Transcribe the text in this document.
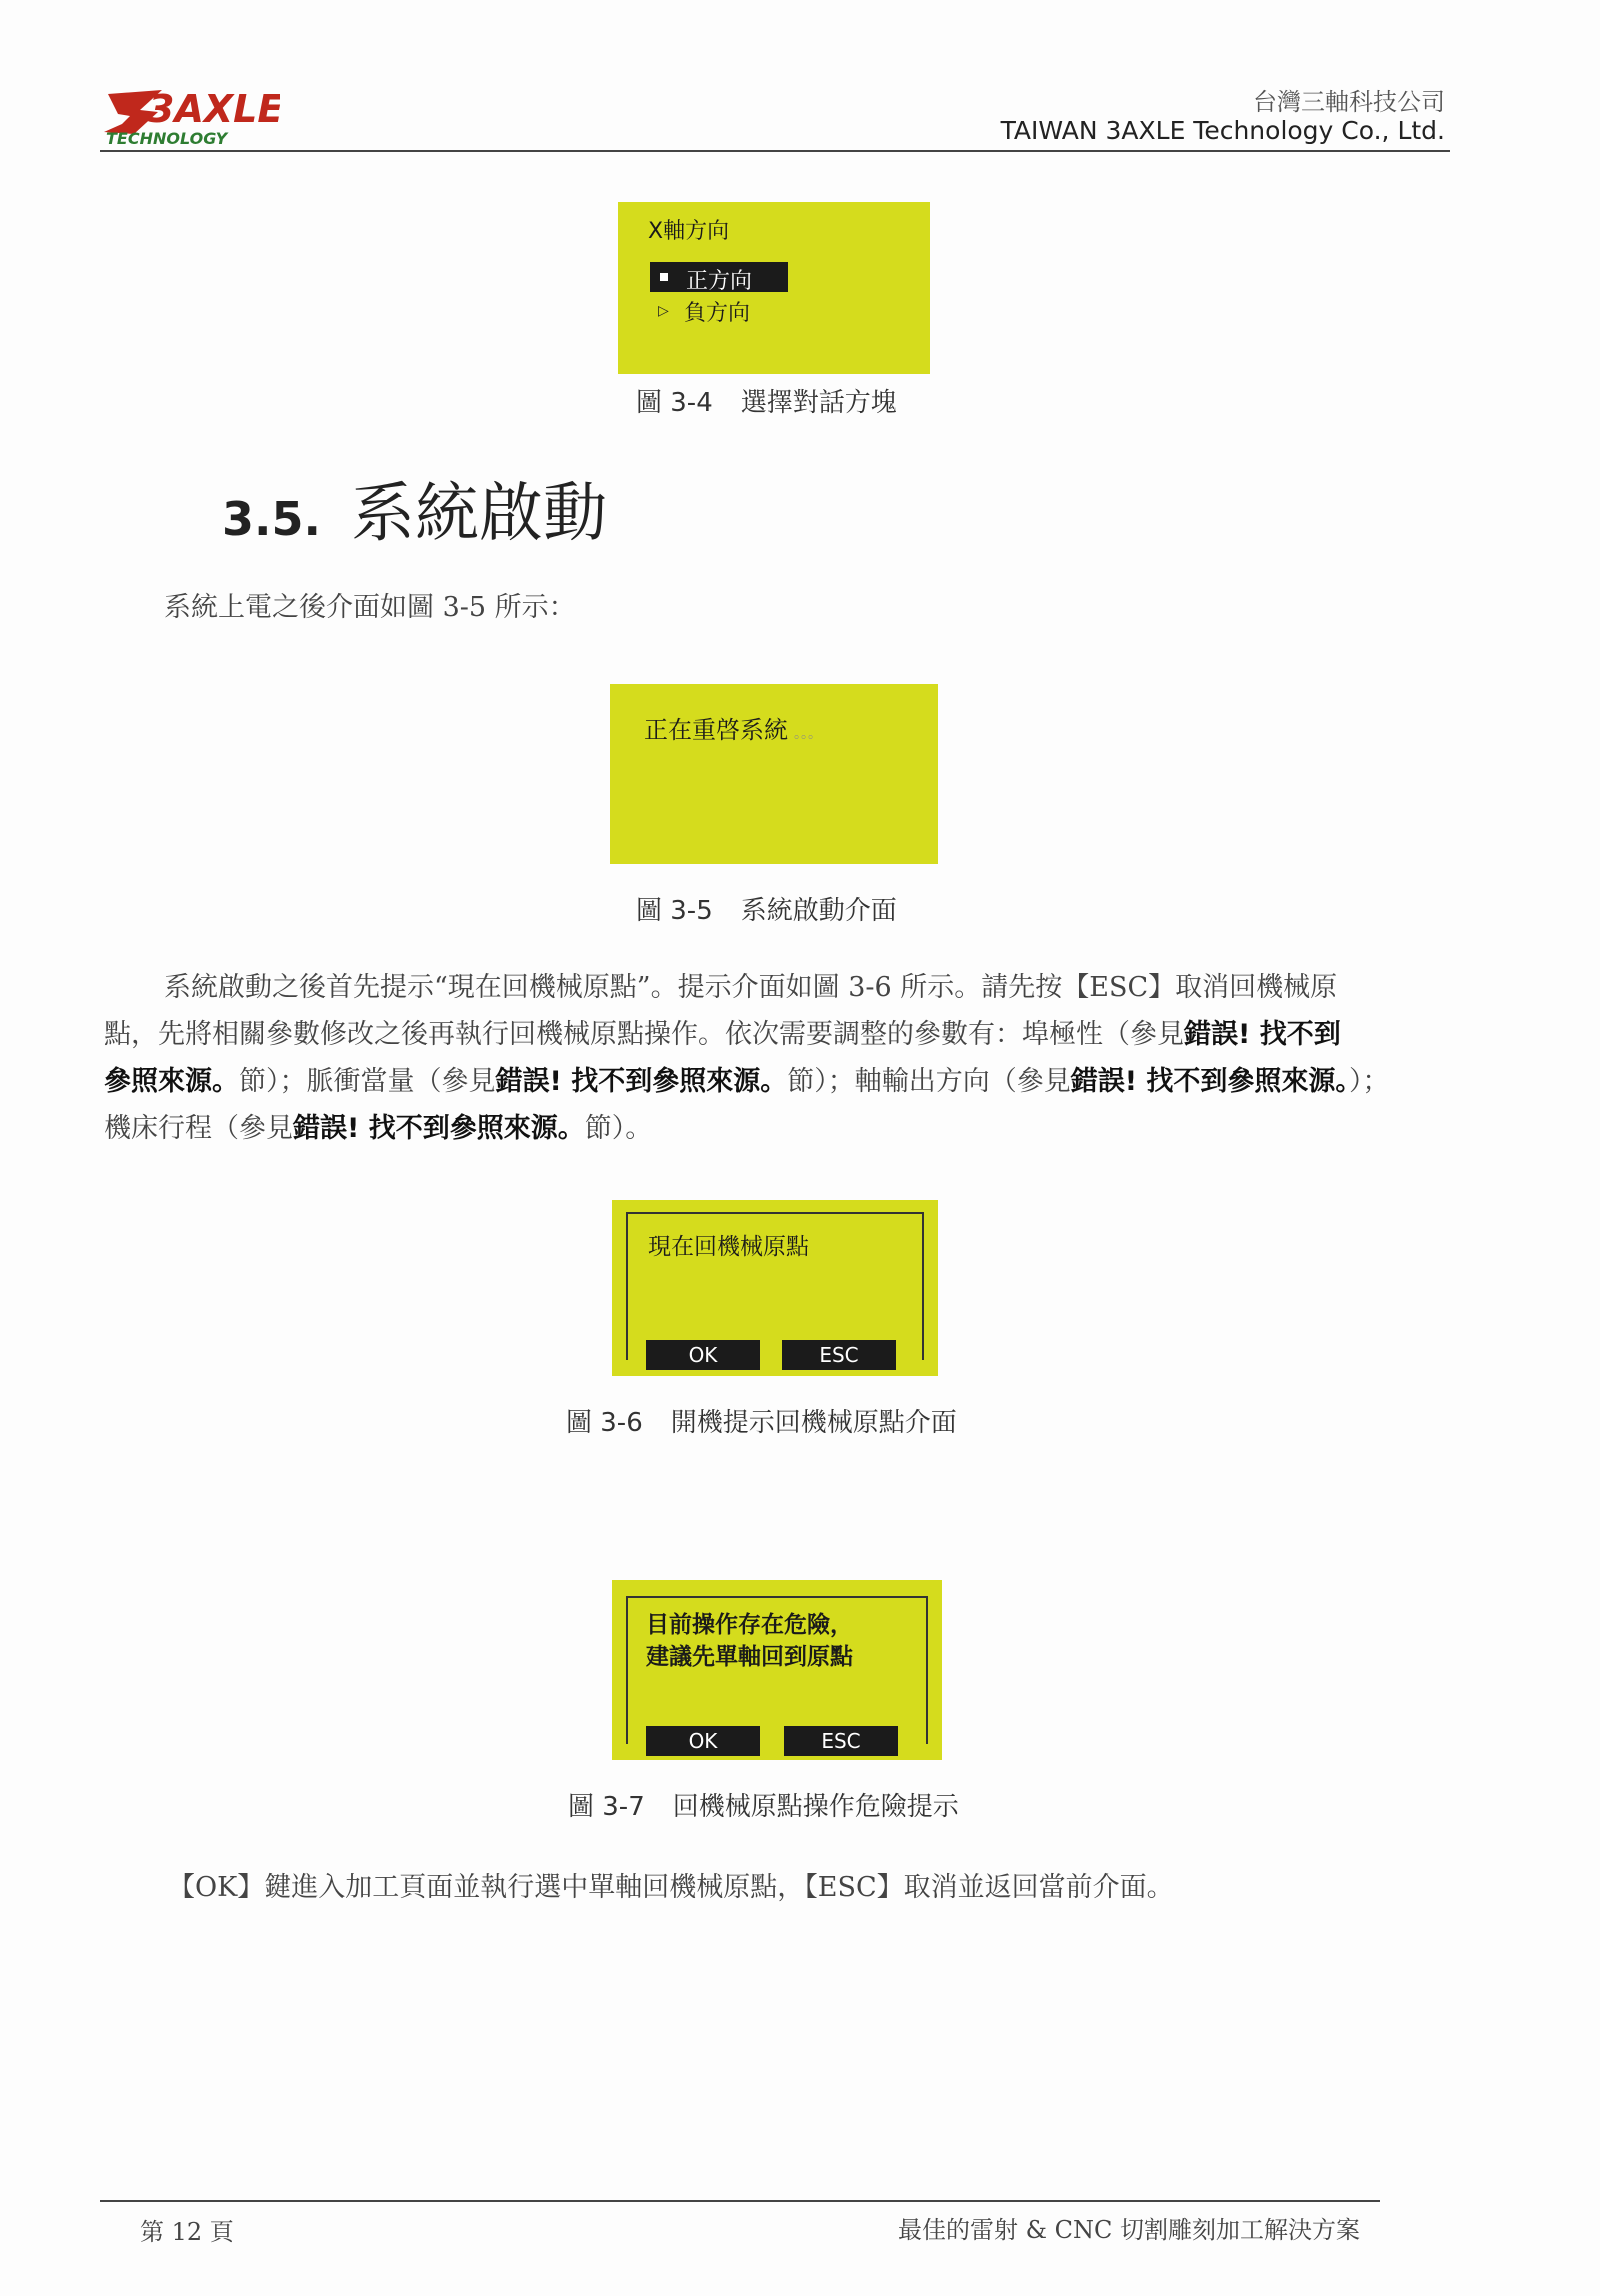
3AXLE
TECHNOLOGY
台灣三軸科技公司
TAIWAN 3AXLE Technology Co., Ltd.
X軸方向
正方向
▷ 負方向
圖 3-4 選擇對話方塊
3.5. 系統啟動
系統上電之後介面如圖 3-5 所示：
正在重啓系統 。。。
圖 3-5 系統啟動介面
系統啟動之後首先提示“現在回機械原點”。提示介面如圖 3-6 所示。請先按【ESC】取消回機械原
點，先將相關參數修改之後再執行回機械原點操作。依次需要調整的參數有：埠極性（參見錯誤! 找不到
參照來源。節）；脈衝當量（參見錯誤! 找不到參照來源。節）；軸輸出方向（參見錯誤! 找不到參照來源。）；
機床行程（參見錯誤! 找不到參照來源。節）。
現在回機械原點
OK	ESC
圖 3-6 開機提示回機械原點介面
目前操作存在危險，
建議先單軸回到原點
OK	ESC
圖 3-7 回機械原點操作危險提示
【OK】鍵進入加工頁面並執行選中單軸回機械原點，【ESC】取消並返回當前介面。
第 12 頁	最佳的雷射 & CNC 切割雕刻加工解決方案
